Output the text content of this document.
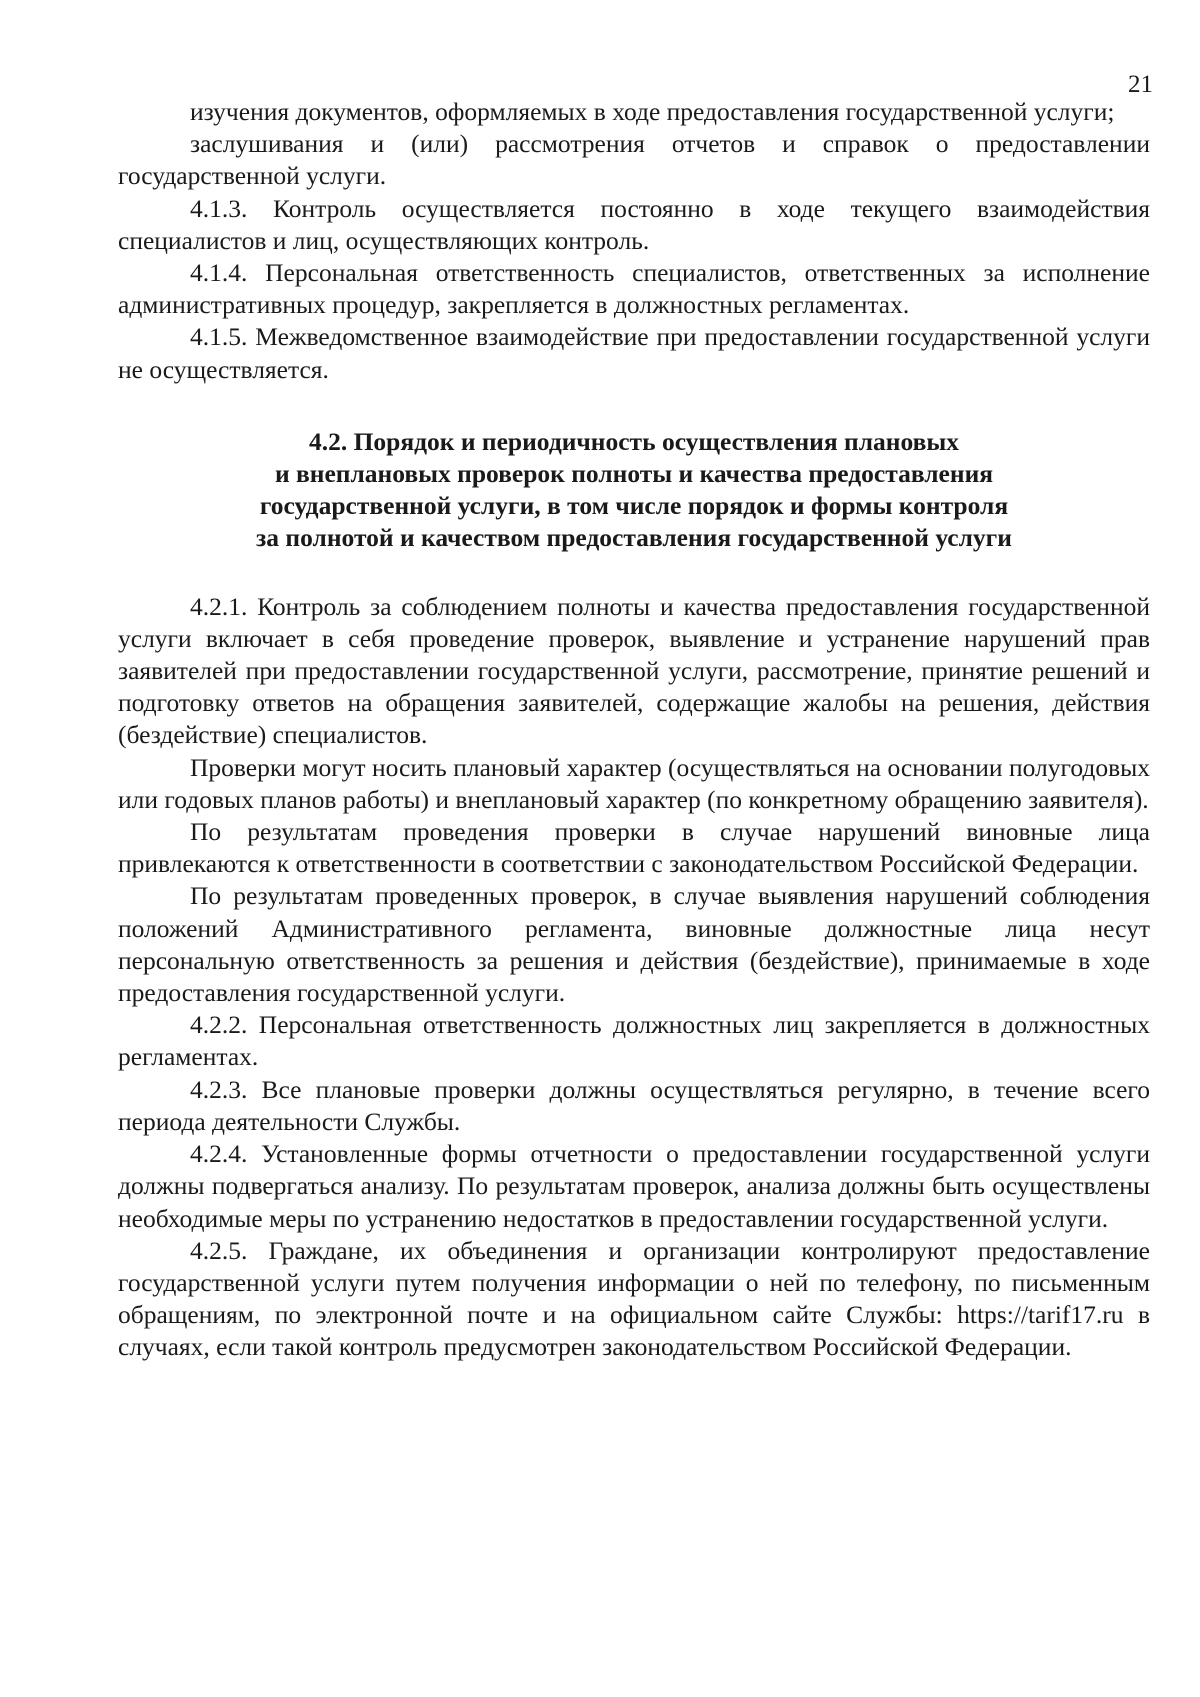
21

изучения документов, оформляемых в ходе предоставления государственной услуги;

заслушивания и (или) рассмотрения отчетов и справок о предоставлении государственной услуги.

4.1.3. Контроль осуществляется постоянно в ходе текущего взаимодействия специалистов и лиц, осуществляющих контроль.

4.1.4. Персональная ответственность специалистов, ответственных за исполнение административных процедур, закрепляется в должностных регламентах.

4.1.5. Межведомственное взаимодействие при предоставлении государственной услуги не осуществляется.

4.2. Порядок и периодичность осуществления плановых
и внеплановых проверок полноты и качества предоставления
государственной услуги, в том числе порядок и формы контроля
за полнотой и качеством предоставления государственной услуги

4.2.1. Контроль за соблюдением полноты и качества предоставления государственной услуги включает в себя проведение проверок, выявление и устранение нарушений прав заявителей при предоставлении государственной услуги, рассмотрение, принятие решений и подготовку ответов на обращения заявителей, содержащие жалобы на решения, действия (бездействие) специалистов.

Проверки могут носить плановый характер (осуществляться на основании полугодовых или годовых планов работы) и внеплановый характер (по конкретному обращению заявителя).

По результатам проведения проверки в случае нарушений виновные лица привлекаются к ответственности в соответствии с законодательством Российской Федерации.

По результатам проведенных проверок, в случае выявления нарушений соблюдения положений Административного регламента, виновные должностные лица несут персональную ответственность за решения и действия (бездействие), принимаемые в ходе предоставления государственной услуги.

4.2.2. Персональная ответственность должностных лиц закрепляется в должностных регламентах.

4.2.3. Все плановые проверки должны осуществляться регулярно, в течение всего периода деятельности Службы.

4.2.4. Установленные формы отчетности о предоставлении государственной услуги должны подвергаться анализу. По результатам проверок, анализа должны быть осуществлены необходимые меры по устранению недостатков в предоставлении государственной услуги.

4.2.5. Граждане, их объединения и организации контролируют предоставление государственной услуги путем получения информации о ней по телефону, по письменным обращениям, по электронной почте и на официальном сайте Службы: https://tarif17.ru в случаях, если такой контроль предусмотрен законодательством Российской Федерации.
